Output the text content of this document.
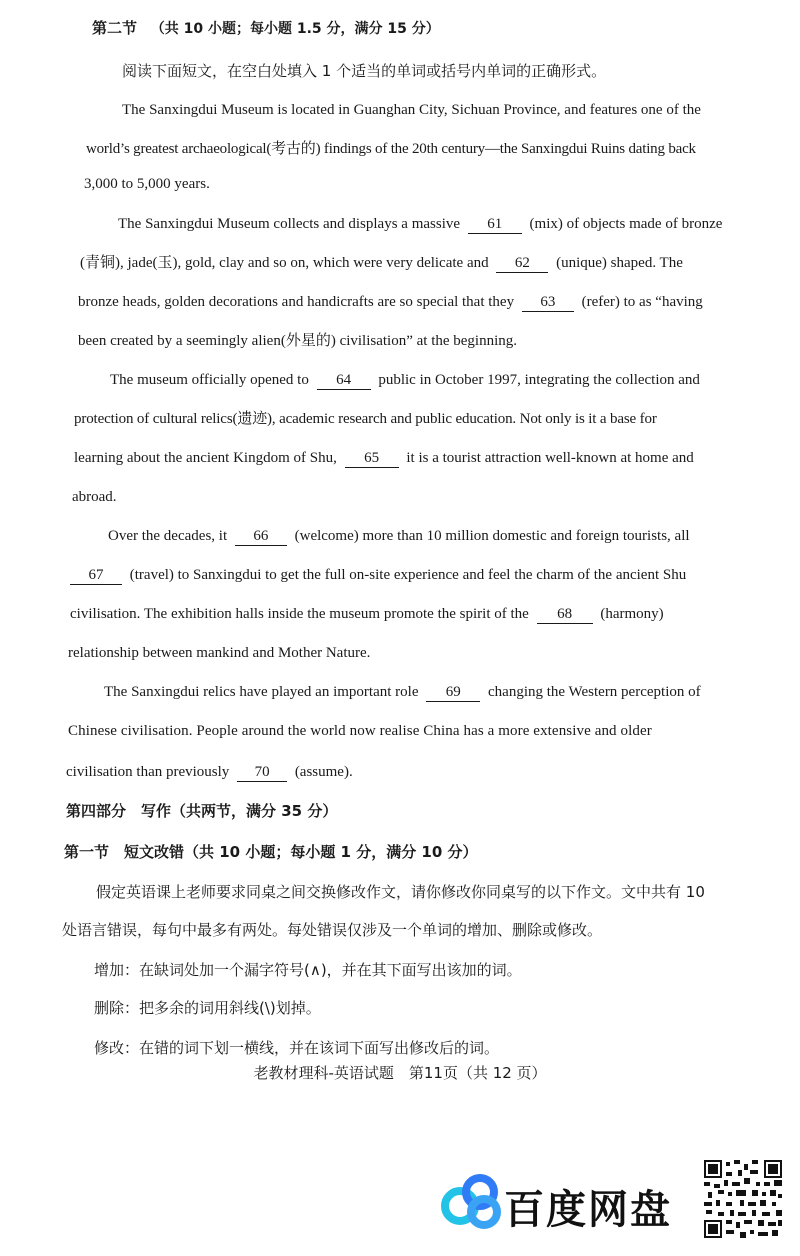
第二节 （共 10 小题；每小题 1.5 分，满分 15 分）
阅读下面短文，在空白处填入 1 个适当的单词或括号内单词的正确形式。
The Sanxingdui Museum is located in Guanghan City, Sichuan Province, and features one of the
world’s greatest archaeological(考古的) findings of the 20th century—the Sanxingdui Ruins dating back
3,000 to 5,000 years.
The Sanxingdui Museum collects and displays a massive 61 (mix) of objects made of bronze
(青铜), jade(玉), gold, clay and so on, which were very delicate and 62 (unique) shaped. The
bronze heads, golden decorations and handicrafts are so special that they 63 (refer) to as “having
been created by a seemingly alien(外星的) civilisation” at the beginning.
The museum officially opened to 64 public in October 1997, integrating the collection and
protection of cultural relics(遗迹), academic research and public education. Not only is it a base for
learning about the ancient Kingdom of Shu, 65 it is a tourist attraction well-known at home and
abroad.
Over the decades, it 66 (welcome) more than 10 million domestic and foreign tourists, all
67 (travel) to Sanxingdui to get the full on-site experience and feel the charm of the ancient Shu
civilisation. The exhibition halls inside the museum promote the spirit of the 68 (harmony)
relationship between mankind and Mother Nature.
The Sanxingdui relics have played an important role 69 changing the Western perception of
Chinese civilisation. People around the world now realise China has a more extensive and older
civilisation than previously 70 (assume).
第四部分　写作（共两节，满分 35 分）
第一节　短文改错（共 10 小题；每小题 1 分，满分 10 分）
假定英语课上老师要求同桌之间交换修改作文，请你修改你同桌写的以下作文。文中共有 10
处语言错误，每句中最多有两处。每处错误仅涉及一个单词的增加、删除或修改。
增加：在缺词处加一个漏字符号(∧)，并在其下面写出该加的词。
删除：把多余的词用斜线(\)划掉。
修改：在错的词下划一横线，并在该词下面写出修改后的词。
老教材理科-英语试题　第11页（共 12 页）
百度网盘
